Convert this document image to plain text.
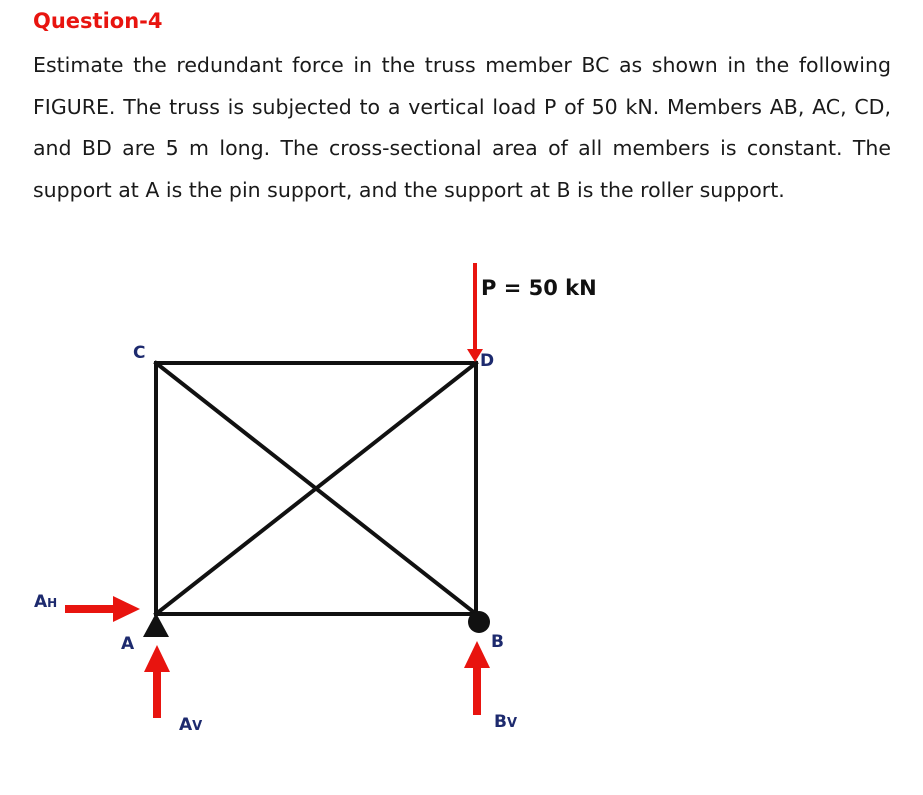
Question-4

Estimate the redundant force in the truss member BC as shown in the following FIGURE. The truss is subjected to a vertical load P of 50 kN. Members AB, AC, CD, and BD are 5 m long. The cross-sectional area of all members is constant. The support at A is the pin support, and the support at B is the roller support.

P = 50 kN
C	D
A	B
AH
AV	BV
